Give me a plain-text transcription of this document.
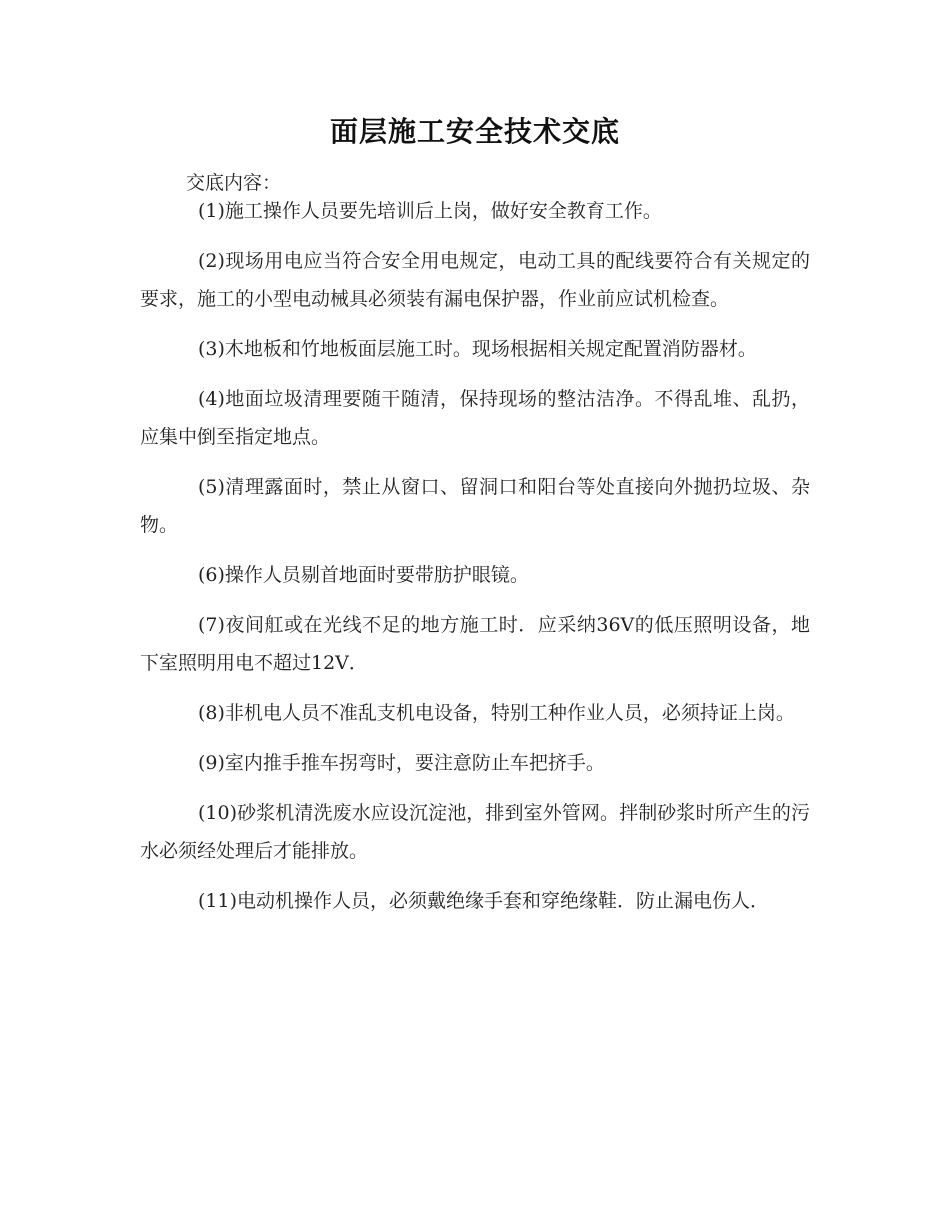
面层施工安全技术交底
交底内容：

(1)施工操作人员要先培训后上岗，做好安全教育工作。

(2)现场用电应当符合安全用电规定，电动工具的配线要符合有关规定的要求，施工的小型电动械具必须装有漏电保护器，作业前应试机检查。

(3)木地板和竹地板面层施工时。现场根据相关规定配置消防器材。

(4)地面垃圾清理要随干随清，保持现场的整沽洁净。不得乱堆、乱扔，应集中倒至指定地点。

(5)清理露面时，禁止从窗口、留洞口和阳台等处直接向外抛扔垃圾、杂物。

(6)操作人员剔首地面时要带肪护眼镜。

(7)夜间舡或在光线不足的地方施工时．应采纳36V的低压照明设备，地下室照明用电不超过12V．

(8)非机电人员不准乱支机电设备，特别工种作业人员，必须持证上岗。

(9)室内推手推车拐弯时，要注意防止车把挤手。

(10)砂浆机清洗废水应设沉淀池，排到室外管网。拌制砂浆时所产生的污水必须经处理后才能排放。

(11)电动机操作人员，必须戴绝缘手套和穿绝缘鞋．防止漏电伤人．
